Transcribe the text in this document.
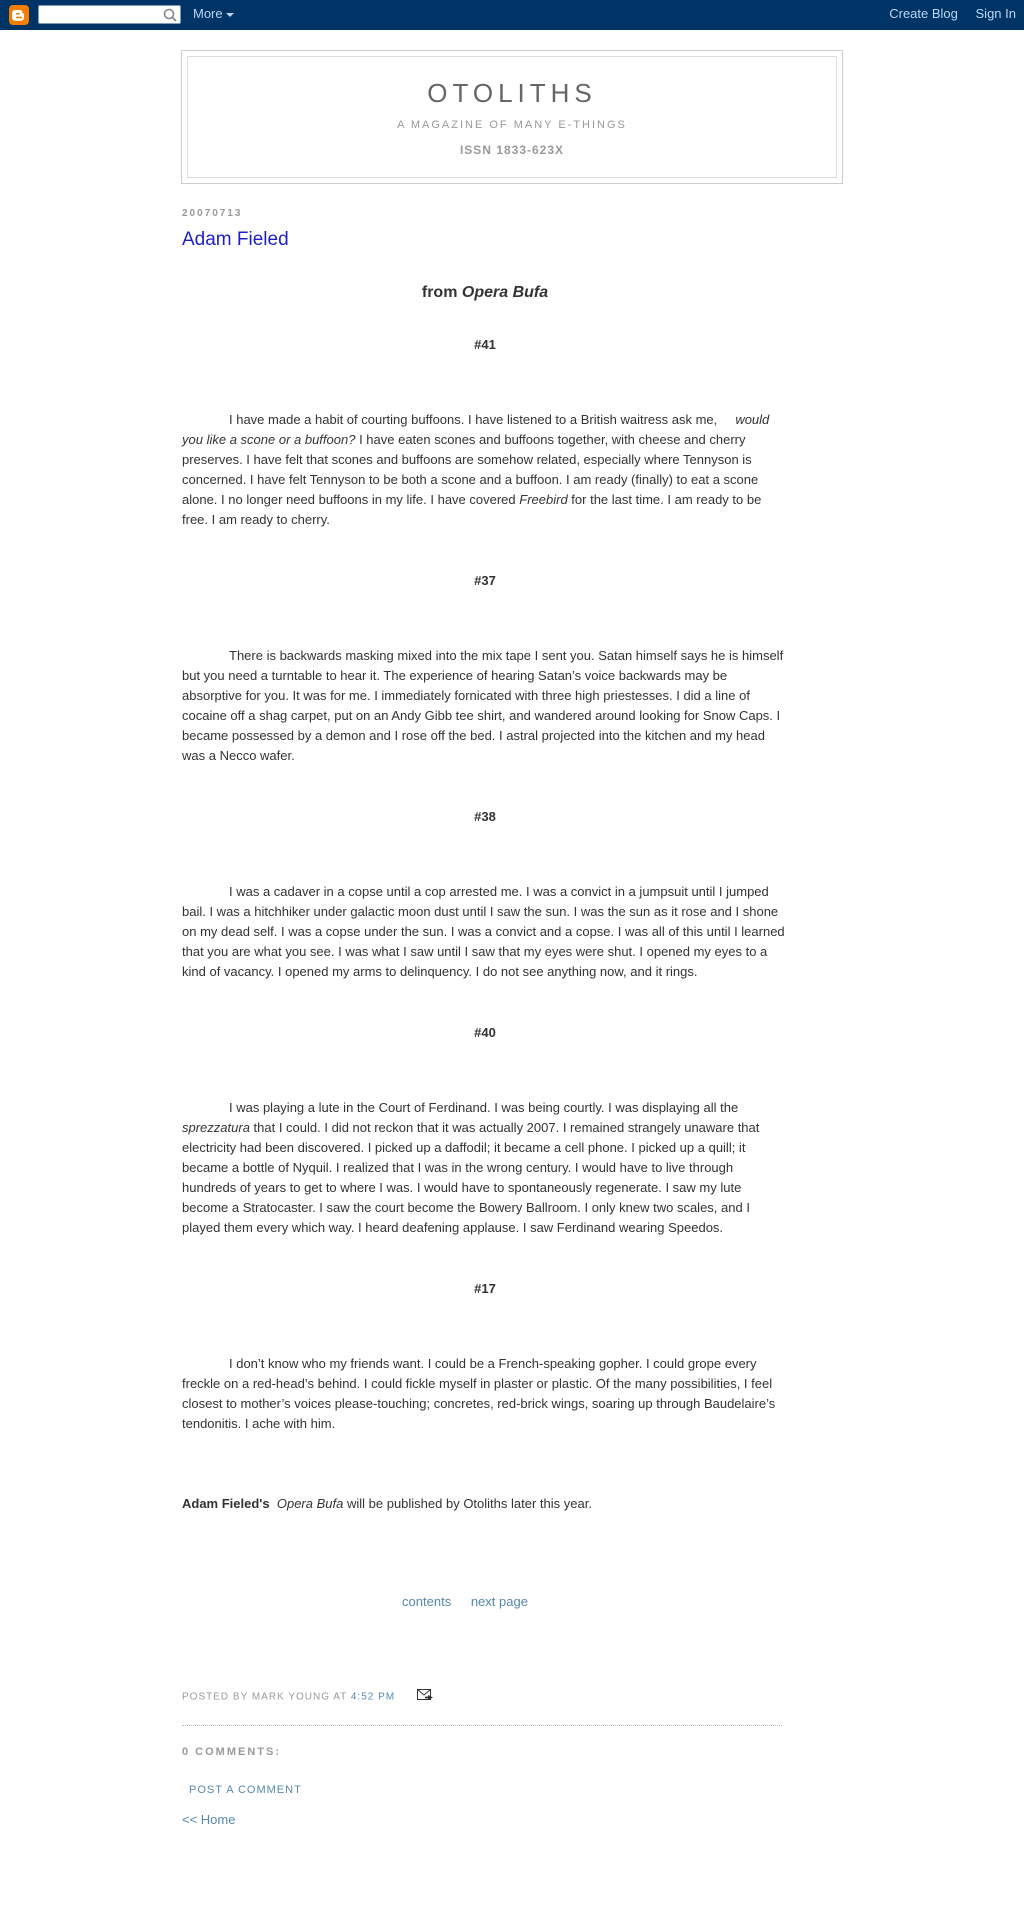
More	Create Blog Sign In
OTOLITHS

A MAGAZINE OF MANY E-THINGS

ISSN 1833-623X

20070713
Adam Fieled

from Opera Bufa

#41

I have made a habit of courting buffoons. I have listened to a British waitress ask me, would you like a scone or a buffoon? I have eaten scones and buffoons together, with cheese and cherry preserves. I have felt that scones and buffoons are somehow related, especially where Tennyson is concerned. I have felt Tennyson to be both a scone and a buffoon. I am ready (finally) to eat a scone alone. I no longer need buffoons in my life. I have covered Freebird for the last time. I am ready to be free. I am ready to cherry.

#37

There is backwards masking mixed into the mix tape I sent you. Satan himself says he is himself but you need a turntable to hear it. The experience of hearing Satan’s voice backwards may be absorptive for you. It was for me. I immediately fornicated with three high priestesses. I did a line of cocaine off a shag carpet, put on an Andy Gibb tee shirt, and wandered around looking for Snow Caps. I became possessed by a demon and I rose off the bed. I astral projected into the kitchen and my head was a Necco wafer.

#38

I was a cadaver in a copse until a cop arrested me. I was a convict in a jumpsuit until I jumped bail. I was a hitchhiker under galactic moon dust until I saw the sun. I was the sun as it rose and I shone on my dead self. I was a copse under the sun. I was a convict and a copse. I was all of this until I learned that you are what you see. I was what I saw until I saw that my eyes were shut. I opened my eyes to a kind of vacancy. I opened my arms to delinquency. I do not see anything now, and it rings.

#40

I was playing a lute in the Court of Ferdinand. I was being courtly. I was displaying all the sprezzatura that I could. I did not reckon that it was actually 2007. I remained strangely unaware that electricity had been discovered. I picked up a daffodil; it became a cell phone. I picked up a quill; it became a bottle of Nyquil. I realized that I was in the wrong century. I would have to live through hundreds of years to get to where I was. I would have to spontaneously regenerate. I saw my lute become a Stratocaster. I saw the court become the Bowery Ballroom. I only knew two scales, and I played them every which way. I heard deafening applause. I saw Ferdinand wearing Speedos.

#17

I don’t know who my friends want. I could be a French-speaking gopher. I could grope every freckle on a red-head’s behind. I could fickle myself in plaster or plastic. Of the many possibilities, I feel closest to mother’s voices please-touching; concretes, red-brick wings, soaring up through Baudelaire’s tendonitis. I ache with him.

Adam Fieled's Opera Bufa will be published by Otoliths later this year.

contents next page
POSTED BY MARK YOUNG AT 4:52 PM
0 COMMENTS:
POST A COMMENT
<< Home
